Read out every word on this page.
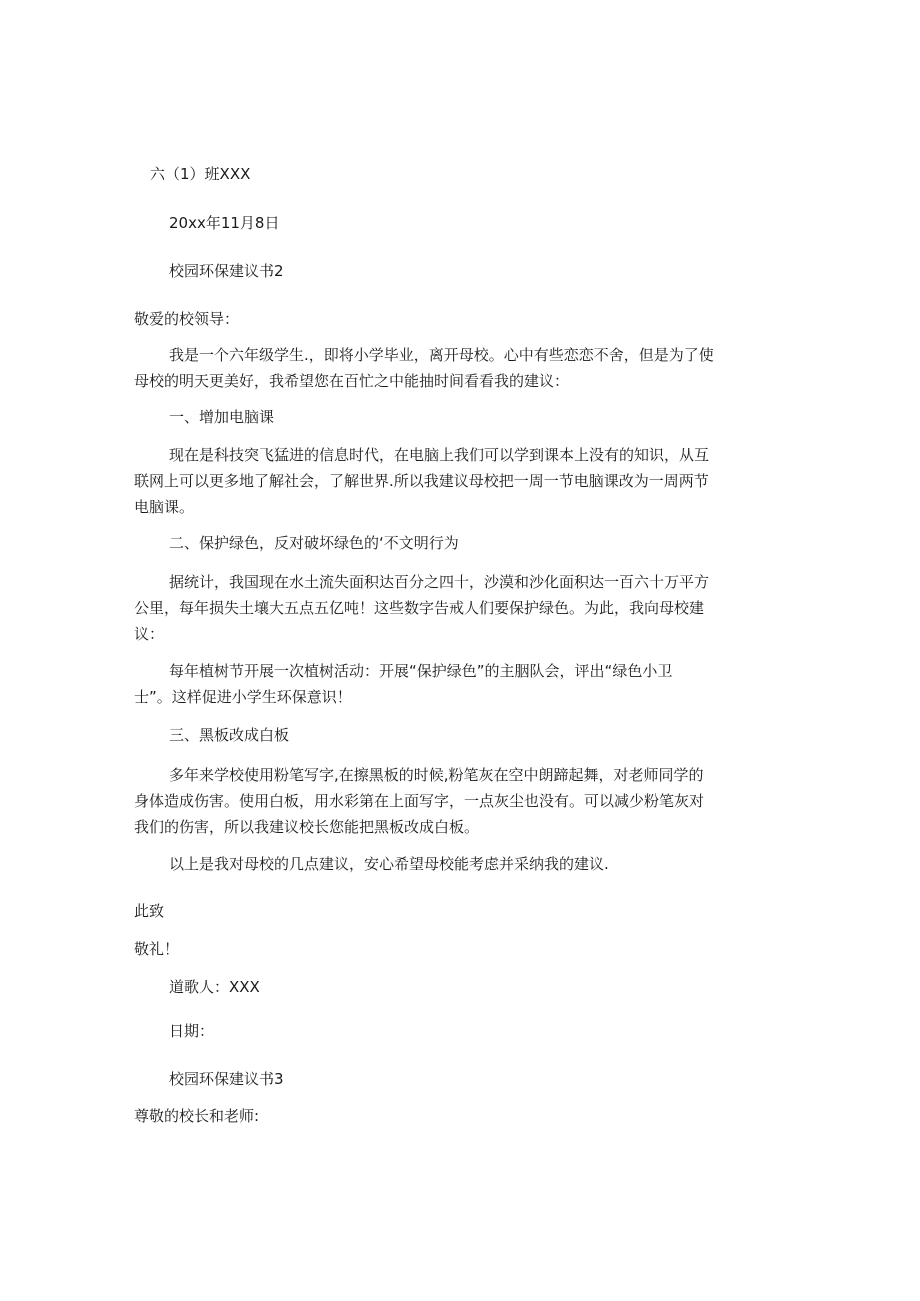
六（1）班XXX
20xx年11月8日
校园环保建议书2
敬爱的校领导：
我是一个六年级学生.，即将小学毕业，离开母校。心中有些恋恋不舍，但是为了使
母校的明天更美好，我希望您在百忙之中能抽时间看看我的建议：
一、增加电脑课
现在是科技突飞猛进的信息时代，在电脑上我们可以学到课本上没有的知识，从互
联网上可以更多地了解社会，了解世界.所以我建议母校把一周一节电脑课改为一周两节
电脑课。
二、保护绿色，反对破坏绿色的‘不文明行为
据统计，我国现在水土流失面积达百分之四十，沙漠和沙化面积达一百六十万平方
公里，每年损失土壤大五点五亿吨！这些数字告戒人们要保护绿色。为此，我向母校建
议：
每年植树节开展一次植树活动：开展“保护绿色”的主胭队会，评出“绿色小卫
士”。这样促进小学生环保意识！
三、黑板改成白板
多年来学校使用粉笔写字,在擦黑板的时候,粉笔灰在空中朗蹄起舞，对老师同学的
身体造成伤害。使用白板，用水彩第在上面写字，一点灰尘也没有。可以减少粉笔灰对
我们的伤害，所以我建议校长您能把黑板改成白板。
以上是我对母校的几点建议，安心希望母校能考虑并采纳我的建议.
此致
敬礼！
道歌人：XXX
日期：
校园环保建议书3
尊敬的校长和老师:
